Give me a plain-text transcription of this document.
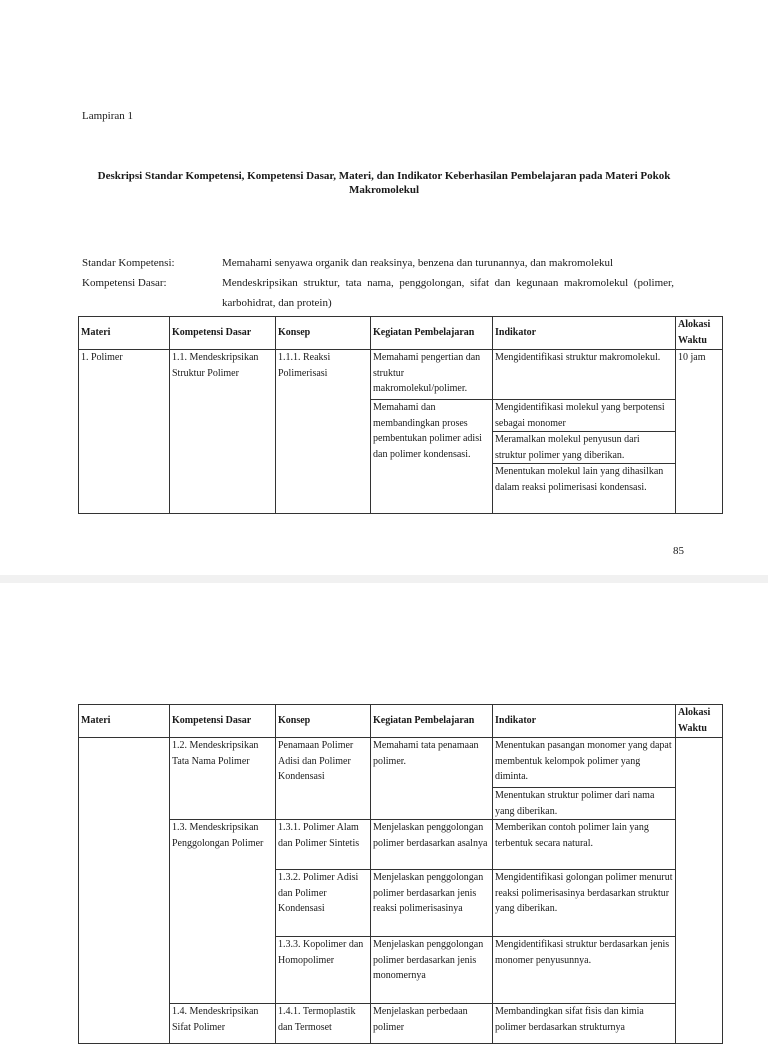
Lampiran 1
Deskripsi Standar Kompetensi, Kompetensi Dasar, Materi, dan Indikator Keberhasilan Pembelajaran pada Materi Pokok Makromolekul
Standar Kompetensi:	Memahami senyawa organik dan reaksinya, benzena dan turunannya, dan makromolekul
Kompetensi Dasar:	Mendeskripsikan struktur, tata nama, penggolongan, sifat dan kegunaan makromolekul (polimer, karbohidrat, dan protein)
Materi	Kompetensi Dasar	Konsep	Kegiatan Pembelajaran	Indikator	Alokasi Waktu
1. Polimer	1.1. Mendeskripsikan Struktur Polimer	1.1.1. Reaksi Polimerisasi	Memahami pengertian dan struktur makromolekul/polimer.	Mengidentifikasi struktur makromolekul.	10 jam
			Memahami dan membandingkan proses pembentukan polimer adisi dan polimer kondensasi.	Mengidentifikasi molekul yang berpotensi sebagai monomer	
				Meramalkan molekul penyusun dari struktur polimer yang diberikan.	
				Menentukan molekul lain yang dihasilkan dalam reaksi polimerisasi kondensasi.	
85
Materi	Kompetensi Dasar	Konsep	Kegiatan Pembelajaran	Indikator	Alokasi Waktu
	1.2. Mendeskripsikan Tata Nama Polimer	Penamaan Polimer Adisi dan Polimer Kondensasi	Memahami tata penamaan polimer.	Menentukan pasangan monomer yang dapat membentuk kelompok polimer yang diminta.	
				Menentukan struktur polimer dari nama yang diberikan.	
	1.3. Mendeskripsikan Penggolongan Polimer	1.3.1. Polimer Alam dan Polimer Sintetis	Menjelaskan penggolongan polimer berdasarkan asalnya	Memberikan contoh polimer lain yang terbentuk secara natural.	
		1.3.2. Polimer Adisi dan Polimer Kondensasi	Menjelaskan penggolongan polimer berdasarkan jenis reaksi polimerisasinya	Mengidentifikasi golongan polimer menurut reaksi polimerisasinya berdasarkan struktur yang diberikan.	
		1.3.3. Kopolimer dan Homopolimer	Menjelaskan penggolongan polimer berdasarkan jenis monomernya	Mengidentifikasi struktur berdasarkan jenis monomer penyusunnya.	
	1.4. Mendeskripsikan Sifat Polimer	1.4.1. Termoplastik dan Termoset	Menjelaskan perbedaan polimer	Membandingkan sifat fisis dan kimia polimer berdasarkan strukturnya	
